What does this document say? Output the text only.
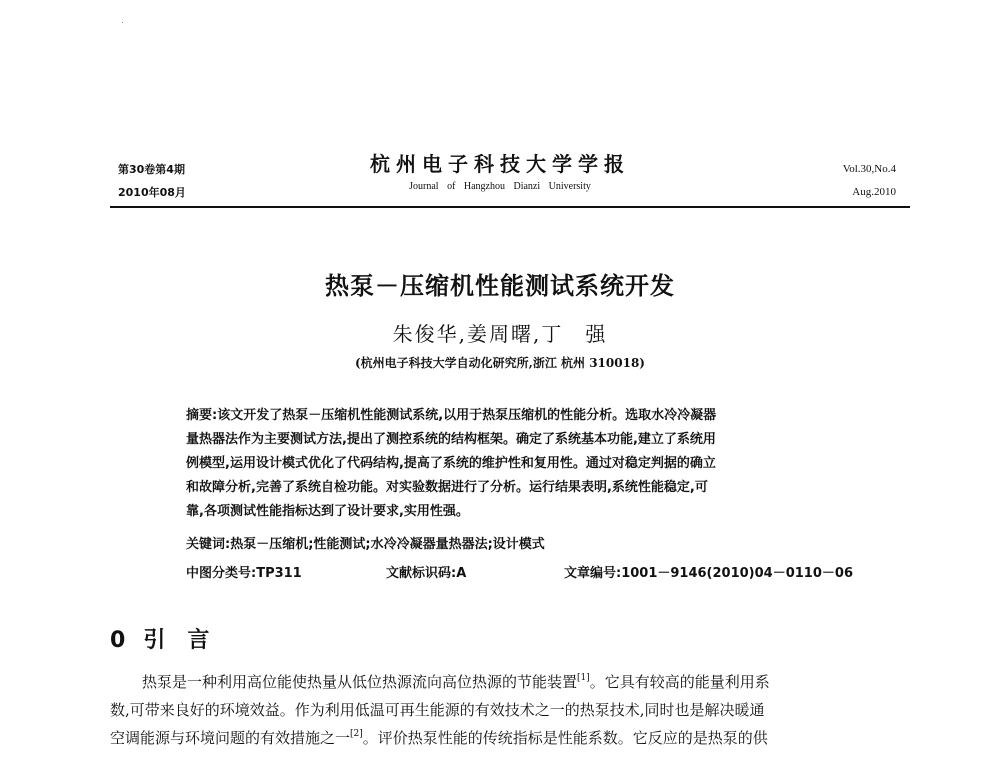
第30卷第4期
2010年08月
杭州电子科技大学学报
Journal of Hangzhou Dianzi University
Vol.30,No.4
Aug.2010
热泵－压缩机性能测试系统开发
朱俊华,姜周曙,丁　强
(杭州电子科技大学自动化研究所,浙江 杭州 310018)
摘要:该文开发了热泵－压缩机性能测试系统,以用于热泵压缩机的性能分析。选取水冷冷凝器
量热器法作为主要测试方法,提出了测控系统的结构框架。确定了系统基本功能,建立了系统用
例模型,运用设计模式优化了代码结构,提高了系统的维护性和复用性。通过对稳定判据的确立
和故障分析,完善了系统自检功能。对实验数据进行了分析。运行结果表明,系统性能稳定,可
靠,各项测试性能指标达到了设计要求,实用性强。
关键词:热泵－压缩机;性能测试;水冷冷凝器量热器法;设计模式
中图分类号:TP311	文献标识码:A	文章编号:1001－9146(2010)04－0110－06
0 引言
热泵是一种利用高位能使热量从低位热源流向高位热源的节能装置[1]。它具有较高的能量利用系
数,可带来良好的环境效益。作为利用低温可再生能源的有效技术之一的热泵技术,同时也是解决暖通
空调能源与环境问题的有效措施之一[2]。评价热泵性能的传统指标是性能系数。它反应的是热泵的供
